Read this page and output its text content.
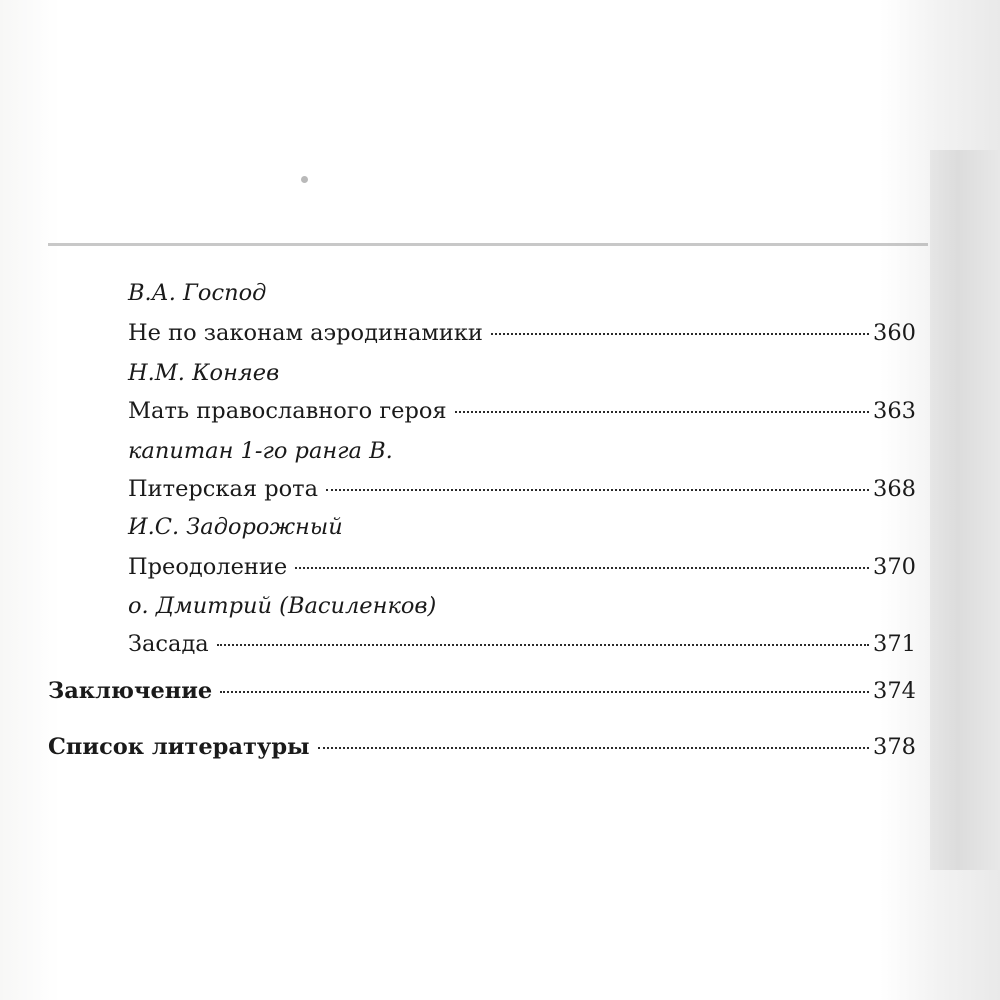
В.А. Господ
Не по законам аэродинамики	360
Н.М. Коняев
Мать православного героя	363
капитан 1-го ранга В.
Питерская рота	368
И.С. Задорожный
Преодоление	370
о. Дмитрий (Василенков)
Засада	371
Заключение	374
Список литературы	378
